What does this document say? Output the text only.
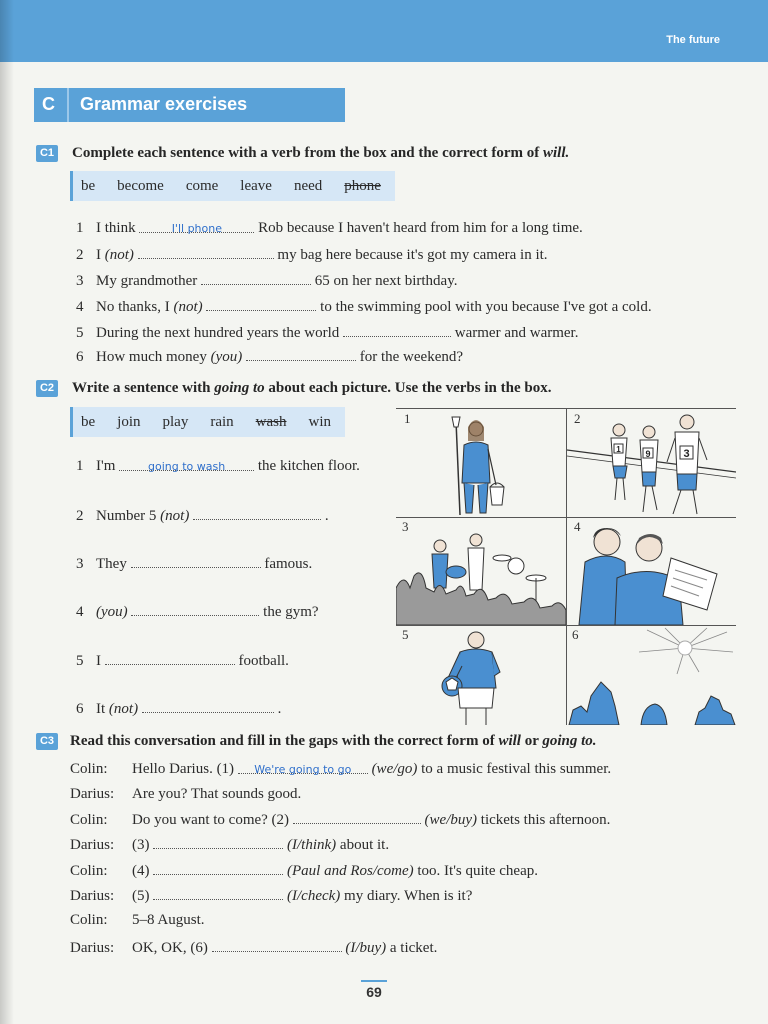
The future
C Grammar exercises
C1 Complete each sentence with a verb from the box and the correct form of will.
be become come leave need phone
1 I think	I'll phone Rob because I haven't heard from him for a long time.
2 I (not)	my bag here because it's got my camera in it.
3 My grandmother	65 on her next birthday.
4 No thanks, I (not)	to the swimming pool with you because I've got a cold.
5 During the next hundred years the world	warmer and warmer.
6 How much money (you)	for the weekend?
C2 Write a sentence with going to about each picture. Use the verbs in the box.
be join play rain wash win
1 I'm	going to wash the kitchen floor.
2 Number 5 (not)	.
3 They	famous.
4 (you)	the gym?
5 I	football.
6 It (not)	.
1	2
3	4
5	6
1	9	3
C3 Read this conversation and fill in the gaps with the correct form of will or going to.
Colin: Hello Darius. (1) We're going to go (we/go) to a music festival this summer.
Darius: Are you? That sounds good.
Colin: Do you want to come? (2)	(we/buy) tickets this afternoon.
Darius: (3)	(I/think) about it.
Colin: (4)	(Paul and Ros/come) too. It's quite cheap.
Darius: (5)	(I/check) my diary. When is it?
Colin: 5–8 August.
Darius: OK, OK, (6)	(I/buy) a ticket.
69
